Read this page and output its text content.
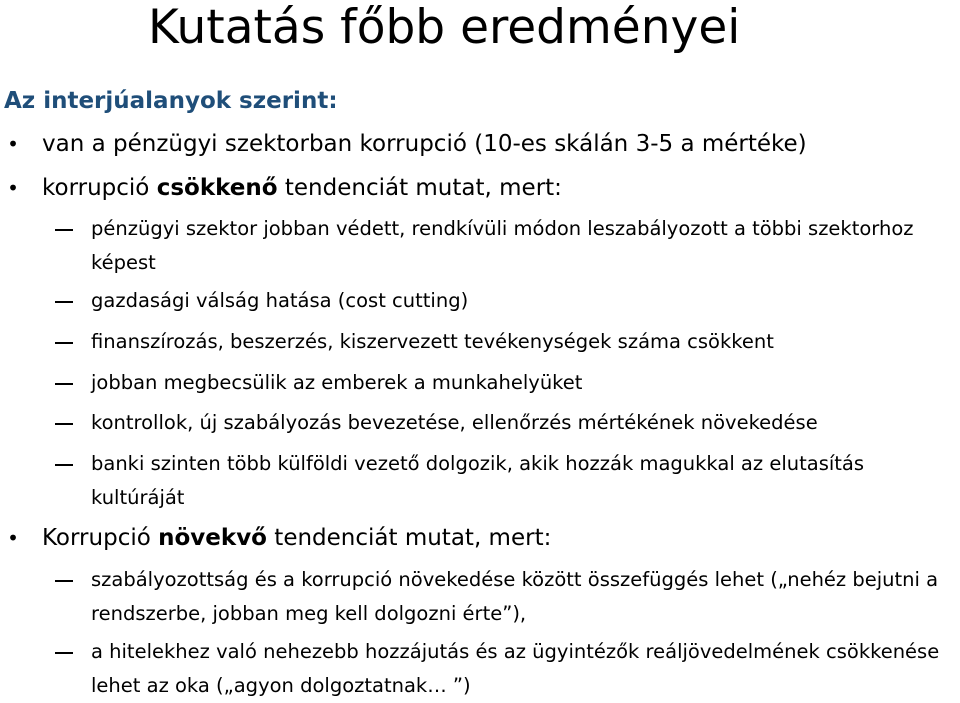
Kutatás főbb eredményei
Az interjúalanyok szerint:
• van a pénzügyi szektorban korrupció (10-es skálán 3-5 a mértéke)
• korrupció csökkenő tendenciát mutat, mert:
pénzügyi szektor jobban védett, rendkívüli módon leszabályozott a többi szektorhoz képest
gazdasági válság hatása (cost cutting)
finanszírozás, beszerzés, kiszervezett tevékenységek száma csökkent
jobban megbecsülik az emberek a munkahelyüket
kontrollok, új szabályozás bevezetése, ellenőrzés mértékének növekedése
banki szinten több külföldi vezető dolgozik, akik hozzák magukkal az elutasítás kultúráját
• Korrupció növekvő tendenciát mutat, mert:
szabályozottság és a korrupció növekedése között összefüggés lehet („nehéz bejutni a rendszerbe, jobban meg kell dolgozni érte”),
a hitelekhez való nehezebb hozzájutás és az ügyintézők reáljövedelmének csökkenése lehet az oka („agyon dolgoztatnak… ”)
